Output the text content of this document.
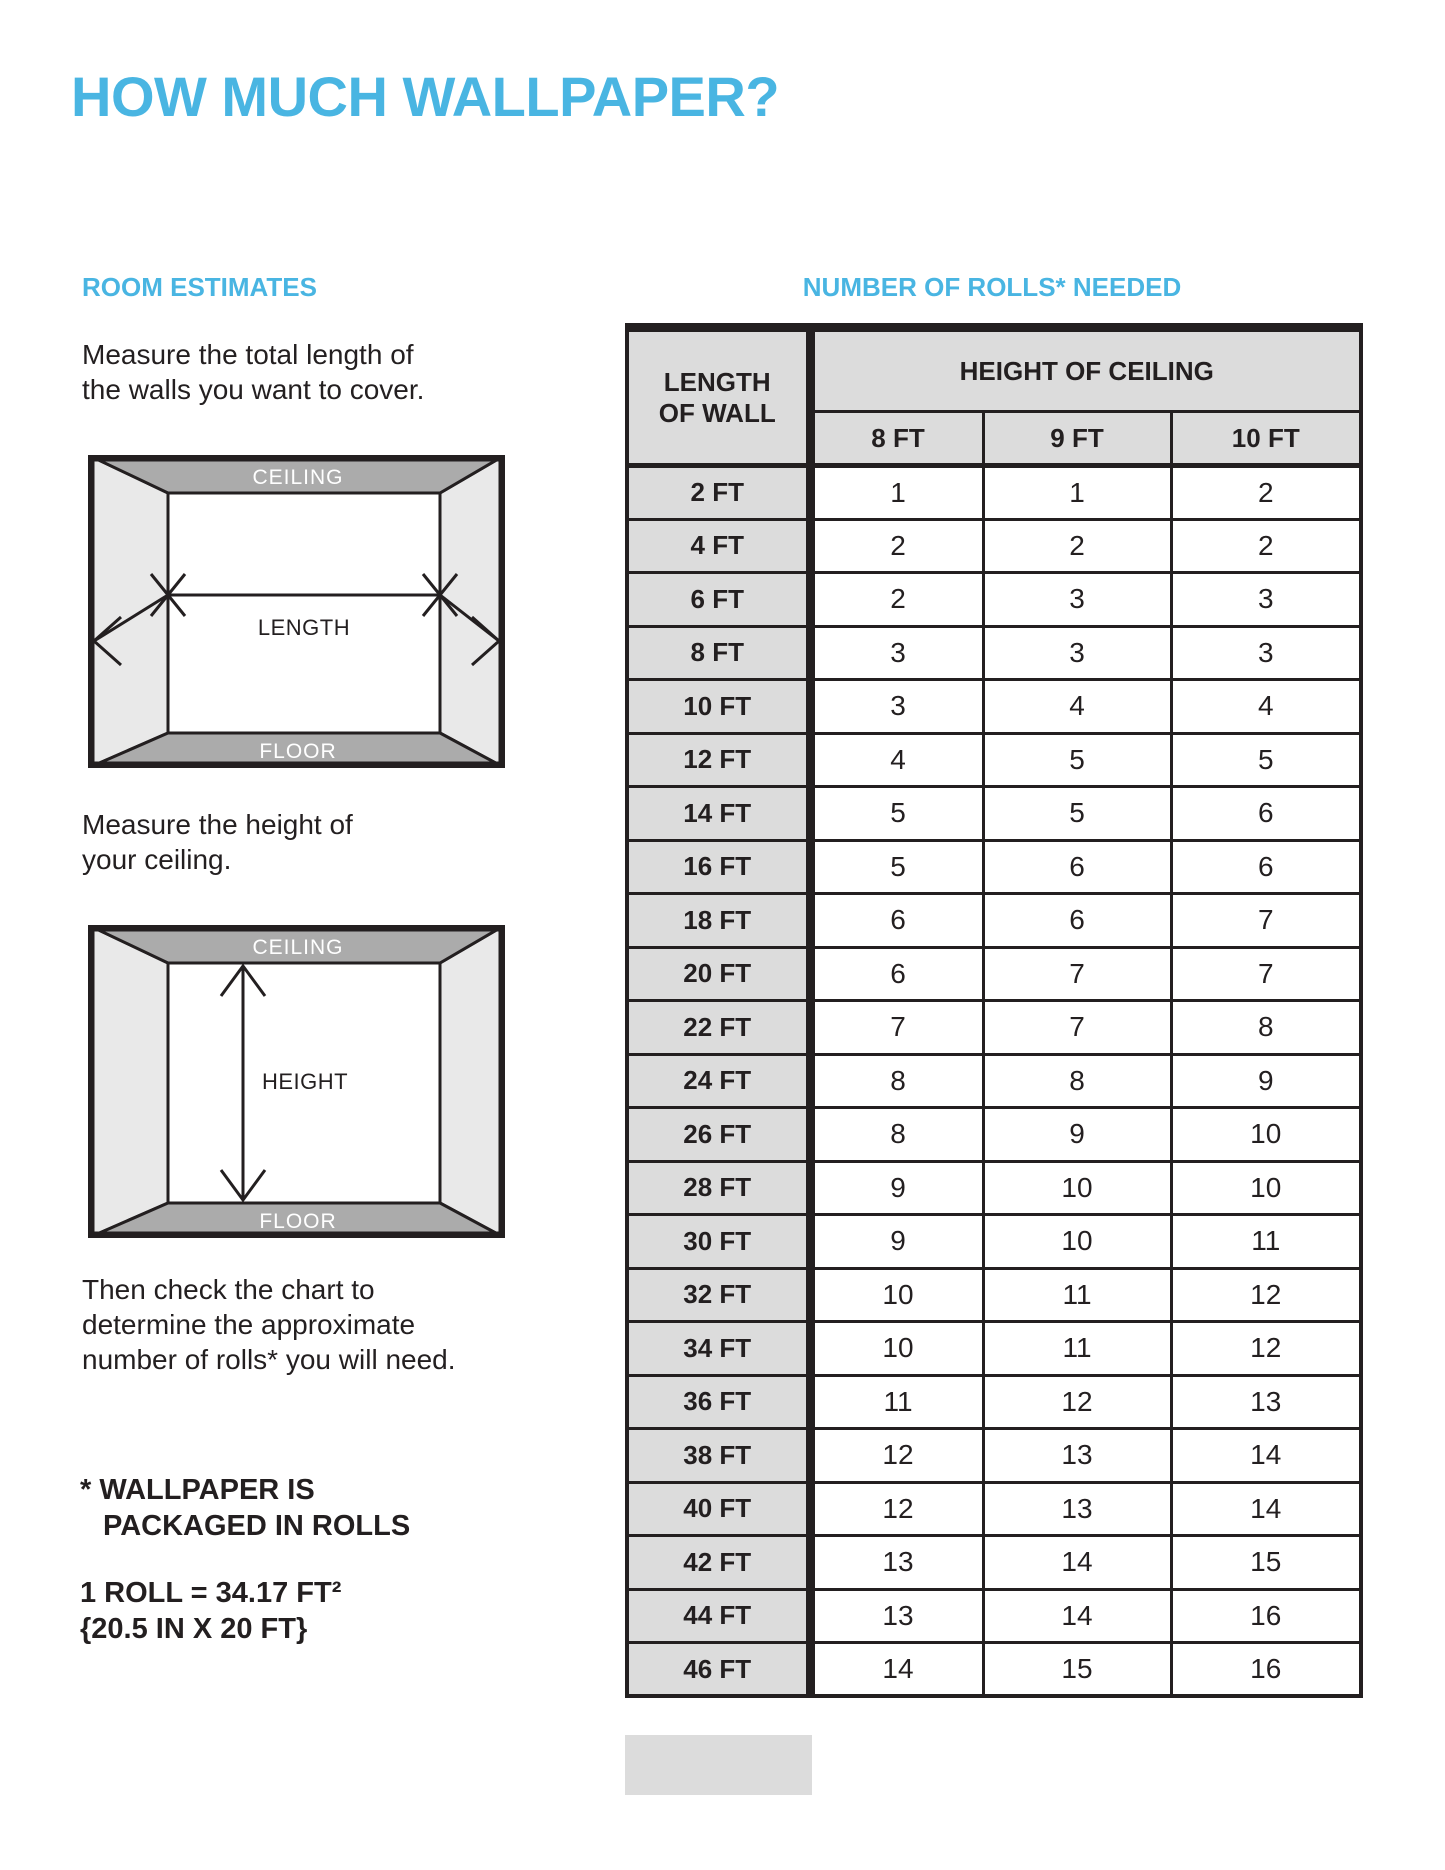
HOW MUCH WALLPAPER?
ROOM ESTIMATES
Measure the total length of
the walls you want to cover.
CEILING
FLOOR
LENGTH
Measure the height of
your ceiling.
CEILING
FLOOR
HEIGHT
Then check the chart to
determine the approximate
number of rolls* you will need.
* WALLPAPER IS
PACKAGED IN ROLLS
1 ROLL = 34.17 FT²
{20.5 IN X 20 FT}
NUMBER OF ROLLS* NEEDED
LENGTH OF WALL	HEIGHT OF CEILING		
	8 FT	9 FT	10 FT
2 FT	1	1	2
4 FT	2	2	2
6 FT	2	3	3
8 FT	3	3	3
10 FT	3	4	4
12 FT	4	5	5
14 FT	5	5	6
16 FT	5	6	6
18 FT	6	6	7
20 FT	6	7	7
22 FT	7	7	8
24 FT	8	8	9
26 FT	8	9	10
28 FT	9	10	10
30 FT	9	10	11
32 FT	10	11	12
34 FT	10	11	12
36 FT	11	12	13
38 FT	12	13	14
40 FT	12	13	14
42 FT	13	14	15
44 FT	13	14	16
46 FT	14	15	16
